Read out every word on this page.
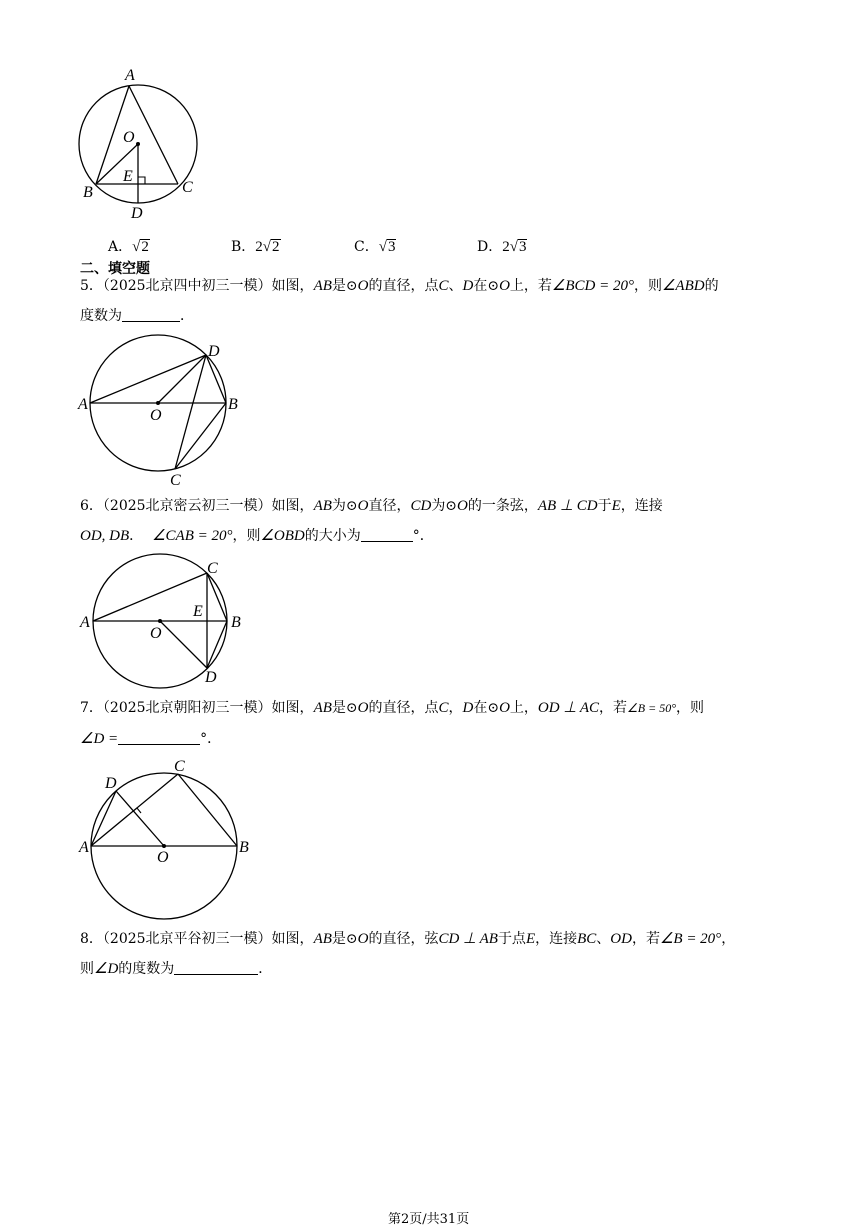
A
O
E
B	C
D
A．√2	B．2√2	C．√3	D．2√3
二、填空题
5．（2025北京四中初三一模）如图，AB是⊙O的直径，点C、D在⊙O上，若∠BCD = 20°，则∠ABD的
度数为	．
A
O
B
C
D
6．（2025北京密云初三一模）如图，AB为⊙O直径，CD为⊙O的一条弦，AB ⊥ CD于E，连接
OD, DB． ∠CAB = 20°，则∠OBD的大小为	°．
A
O
E
B
C
D
7．（2025北京朝阳初三一模）如图，AB是⊙O的直径，点C，D在⊙O上，OD ⊥ AC，若∠B = 50°，则
∠D =	°．
A
O
B
C
D
8．（2025北京平谷初三一模）如图，AB是⊙O的直径，弦CD ⊥ AB于点E，连接BC、OD，若∠B = 20°，
则∠D的度数为	．
第2页/共31页
